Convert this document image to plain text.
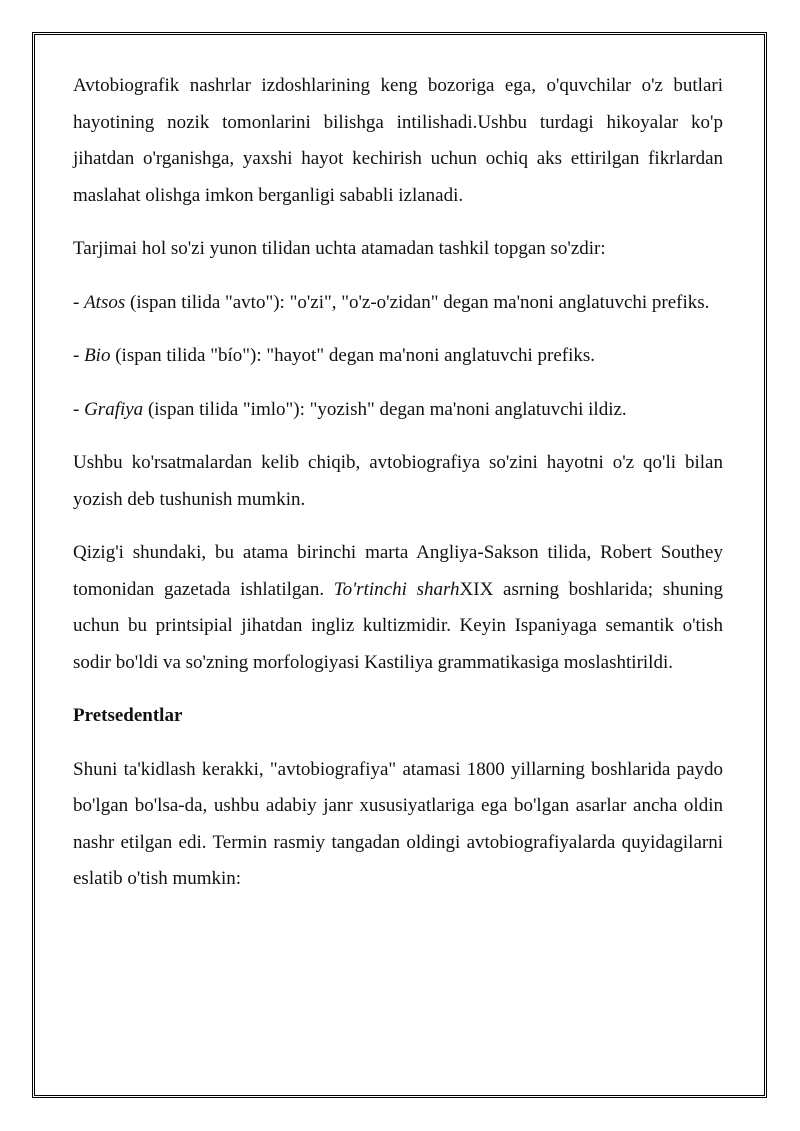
Avtobiografik nashrlar izdoshlarining keng bozoriga ega, o'quvchilar o'z butlari hayotining nozik tomonlarini bilishga intilishadi.Ushbu turdagi hikoyalar ko'p jihatdan o'rganishga, yaxshi hayot kechirish uchun ochiq aks ettirilgan fikrlardan maslahat olishga imkon berganligi sababli izlanadi.

Tarjimai hol so'zi yunon tilidan uchta atamadan tashkil topgan so'zdir:

- Atsos (ispan tilida "avto"): "o'zi", "o'z-o'zidan" degan ma'noni anglatuvchi prefiks.

- Bio (ispan tilida "bío"): "hayot" degan ma'noni anglatuvchi prefiks.

- Grafiya (ispan tilida "imlo"): "yozish" degan ma'noni anglatuvchi ildiz.

Ushbu ko'rsatmalardan kelib chiqib, avtobiografiya so'zini hayotni o'z qo'li bilan yozish deb tushunish mumkin.

Qizig'i shundaki, bu atama birinchi marta Angliya-Sakson tilida, Robert Southey tomonidan gazetada ishlatilgan. To'rtinchi sharhXIX asrning boshlarida; shuning uchun bu printsipial jihatdan ingliz kultizmidir. Keyin Ispaniyaga semantik o'tish sodir bo'ldi va so'zning morfologiyasi Kastiliya grammatikasiga moslashtirildi.

Pretsedentlar

Shuni ta'kidlash kerakki, "avtobiografiya" atamasi 1800 yillarning boshlarida paydo bo'lgan bo'lsa-da, ushbu adabiy janr xususiyatlariga ega bo'lgan asarlar ancha oldin nashr etilgan edi. Termin rasmiy tangadan oldingi avtobiografiyalarda quyidagilarni eslatib o'tish mumkin:
